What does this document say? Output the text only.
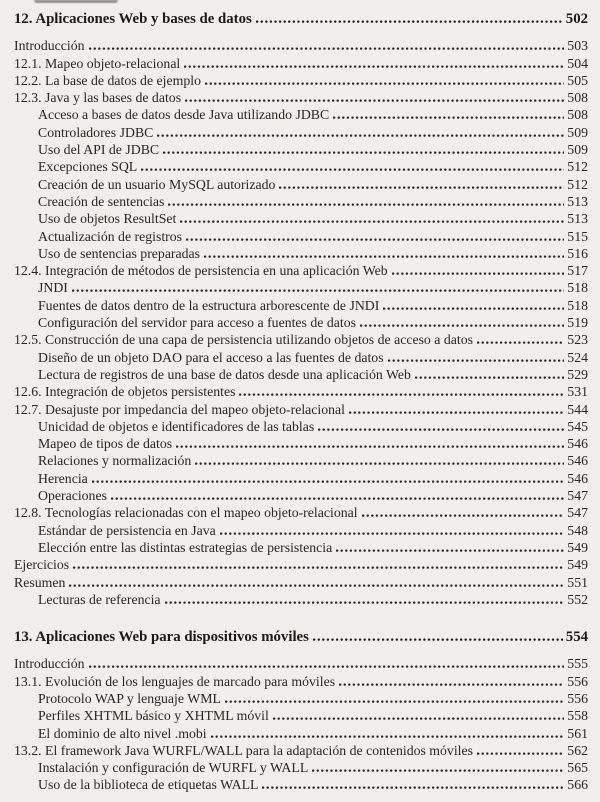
12. Aplicaciones Web y bases de datos	502
Introducción	503
12.1. Mapeo objeto-relacional	504
12.2. La base de datos de ejemplo	505
12.3. Java y las bases de datos	508
Acceso a bases de datos desde Java utilizando JDBC	508
Controladores JDBC	509
Uso del API de JDBC	509
Excepciones SQL	512
Creación de un usuario MySQL autorizado	512
Creación de sentencias	513
Uso de objetos ResultSet	513
Actualización de registros	515
Uso de sentencias preparadas	516
12.4. Integración de métodos de persistencia en una aplicación Web	517
JNDI	518
Fuentes de datos dentro de la estructura arborescente de JNDI	518
Configuración del servidor para acceso a fuentes de datos	519
12.5. Construcción de una capa de persistencia utilizando objetos de acceso a datos	523
Diseño de un objeto DAO para el acceso a las fuentes de datos	524
Lectura de registros de una base de datos desde una aplicación Web	529
12.6. Integración de objetos persistentes	531
12.7. Desajuste por impedancia del mapeo objeto-relacional	544
Unicidad de objetos e identificadores de las tablas	545
Mapeo de tipos de datos	546
Relaciones y normalización	546
Herencia	546
Operaciones	547
12.8. Tecnologías relacionadas con el mapeo objeto-relacional	547
Estándar de persistencia en Java	548
Elección entre las distintas estrategias de persistencia	549
Ejercicios	549
Resumen	551
Lecturas de referencia	552
13. Aplicaciones Web para dispositivos móviles	554
Introducción	555
13.1. Evolución de los lenguajes de marcado para móviles	556
Protocolo WAP y lenguaje WML	556
Perfiles XHTML básico y XHTML móvil	558
El dominio de alto nivel .mobi	561
13.2. El framework Java WURFL/WALL para la adaptación de contenidos móviles	562
Instalación y configuración de WURFL y WALL	565
Uso de la biblioteca de etiquetas WALL	566
